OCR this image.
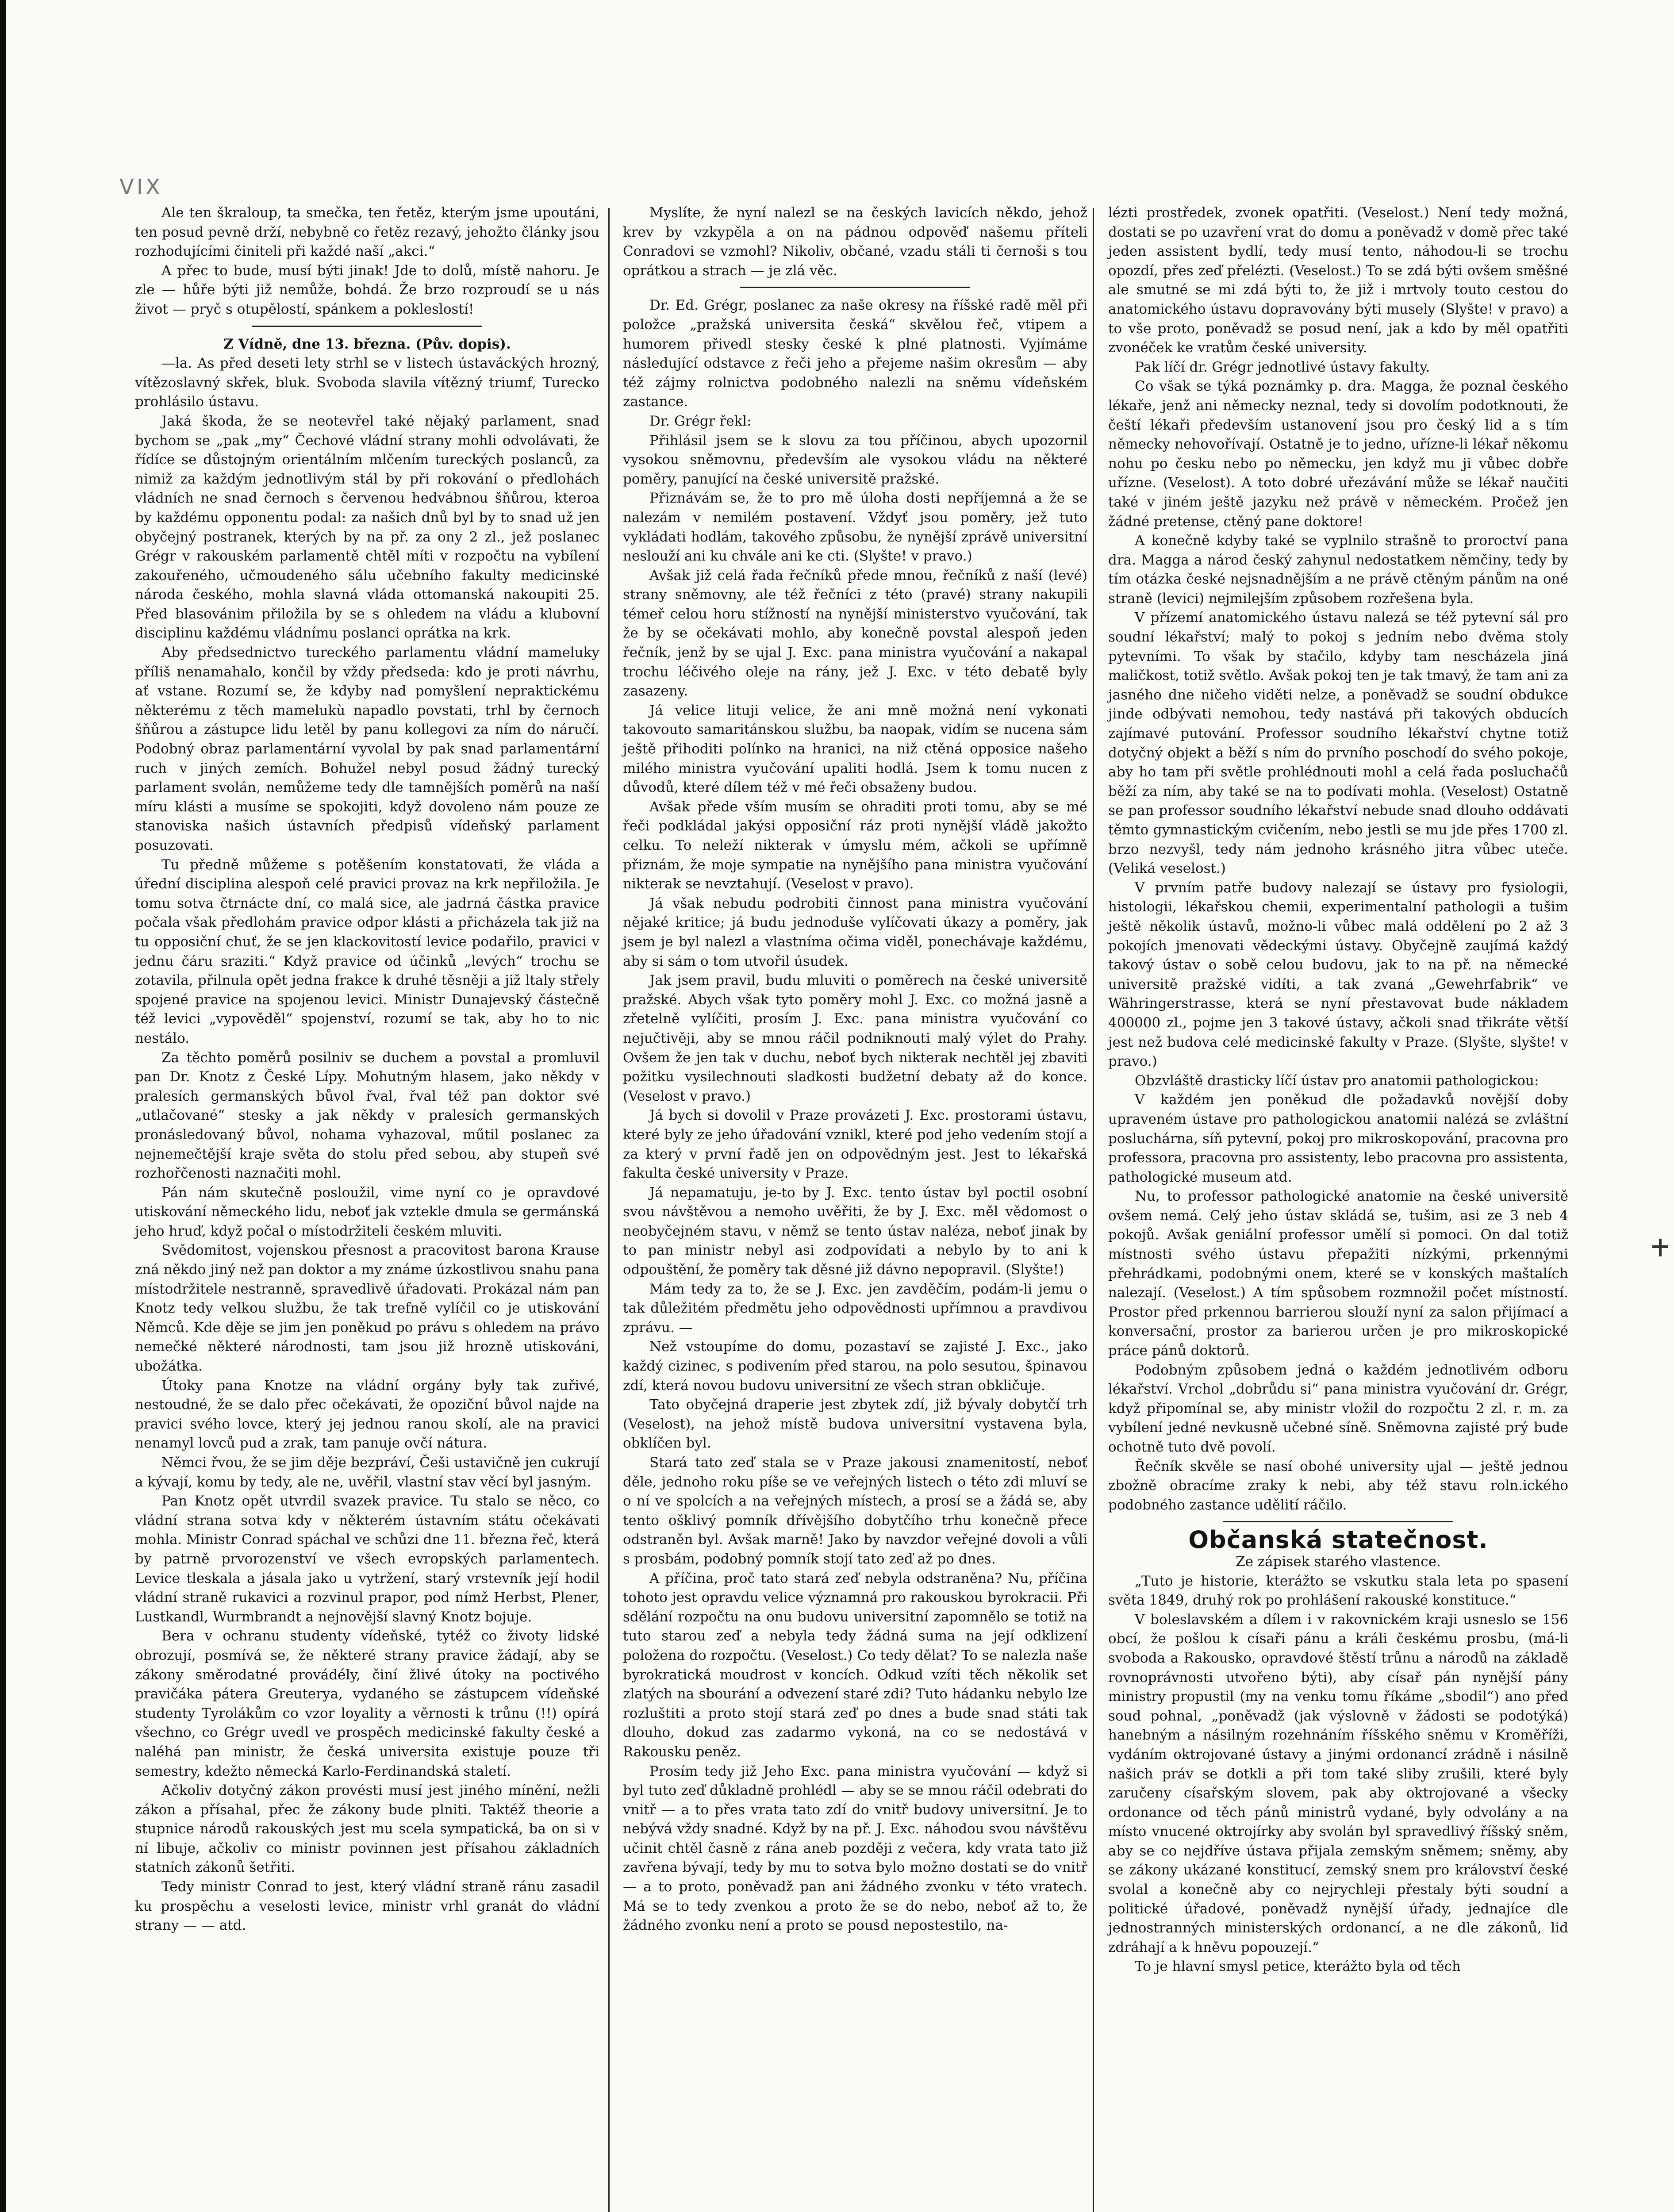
VIX

Ale ten škraloup, ta smečka, ten řetěz, kterým jsme upoutáni, ten posud pevně drží, nebybně co řetěz rezavý, jehožto články jsou rozhodujícími činiteli při každé naší „akci.“

A přec to bude, musí býti jinak! Jde to dolů, místě nahoru. Je zle — hůře býti již nemůže, bohdá. Že brzo rozproudí se u nás život — pryč s otupělostí, spánkem a pokleslostí!

Z Vídně, dne 13. března. (Pův. dopis).

—la. As před deseti lety strhl se v listech ústaváckých hrozný, vítězoslavný skřek, bluk. Svoboda slavila vítězný triumf, Turecko prohlásilo ústavu.

Jaká škoda, že se neotevřel také nějaký parlament, snad bychom se „pak „my“ Čechové vládní strany mohli odvolávati, že řídíce se důstojným orientálním mlčením tureckých poslanců, za nimiž za každým jednotlivým stál by při rokování o předlohách vládních ne snad černoch s červenou hedvábnou šňůrou, kteroa by každému opponentu podal: za našich dnů byl by to snad už jen obyčejný postranek, kterých by na př. za ony 2 zl., jež poslanec Grégr v rakouském parlamentě chtěl míti v rozpočtu na vybílení zakouřeného, učmoudeného sálu učebního fakulty medicinské národa českého, mohla slavná vláda ottomanská nakoupiti 25. Před blasovánim přiložila by se s ohledem na vládu a klubovní disciplinu každému vládnímu poslanci oprátka na krk.

Aby předsednictvo tureckého parlamentu vládní mameluky příliš nenamahalo, končil by vždy předseda: kdo je proti návrhu, ať vstane. Rozumí se, že kdyby nad pomyšlení nepraktickému některému z těch mamelukù napadlo povstati, trhl by černoch šňůrou a zástupce lidu letěl by panu kollegovi za ním do náručí. Podobný obraz parlamentární vyvolal by pak snad parlamentární ruch v jiných zemích. Bohužel nebyl posud žádný turecký parlament svolán, nemůžeme tedy dle tamnějších poměrů na naší míru klásti a musíme se spokojiti, když dovoleno nám pouze ze stanoviska našich ústavních předpisů vídeňský parlament posuzovati.

Tu předně můžeme s potěšením konstatovati, že vláda a úřední disciplina alespoň celé pravici provaz na krk nepřiložila. Je tomu sotva čtrnácte dní, co malá sice, ale jadrná částka pravice počala však předlohám pravice odpor klásti a přicházela tak již na tu opposiční chuť, že se jen klackovitostí levice podařilo, pravici v jednu čáru sraziti.“ Když pravice od účinků „levých“ trochu se zotavila, přilnula opět jedna frakce k druhé těsněji a již ltaly střely spojené pravice na spojenou levici. Ministr Dunajevský částečně též levici „vypověděl“ spojenství, rozumí se tak, aby ho to nic nestálo.

Za těchto poměrů posilniv se duchem a povstal a promluvil pan Dr. Knotz z České Lípy. Mohutným hlasem, jako někdy v pralesích germanských bůvol řval, řval též pan doktor své „utlačované“ stesky a jak někdy v pralesích germanských pronásledovaný bůvol, nohama vyhazoval, műtil poslanec za nejnemečtější kraje světa do stolu před sebou, aby stupeň své rozhořčenosti naznačiti mohl.

Pán nám skutečně posloužil, vime nyní co je opravdové utiskování německého lidu, neboť jak vztekle dmula se germánská jeho hruď, když počal o místodržiteli českém mluviti.

Svědomitost, vojenskou přesnost a pracovitost barona Krause zná někdo jiný než pan doktor a my známe úzkostlivou snahu pana místodržitele nestranně, spravedlivě úřadovati. Prokázal nám pan Knotz tedy velkou službu, že tak trefně vylíčil co je utiskování Němců. Kde děje se jim jen poněkud po právu s ohledem na právo nemečké některé národnosti, tam jsou již hrozně utiskováni, ubožátka.

Útoky pana Knotze na vládní orgány byly tak zuřivé, nestoudné, že se dalo přec očekávati, že opozičnί bůvol najde na pravici svého lovce, který jej jednou ranou skolí, ale na pravici nenamyl lovců pud a zrak, tam panuje ovčí nátura.

Němci řvou, že se jim děje bezpráví, Češi ustavičně jen cukrují a kývají, komu by tedy, ale ne, uvěřil, vlastní stav věcí byl jasným.

Pan Knotz opět utvrdil svazek pravice. Tu stalo se něco, co vládní strana sotva kdy v některém ústavním státu očekávati mohla. Ministr Conrad spáchal ve schůzi dne 11. března řeč, která by patrně prvorozenství ve všech evropských parlamentech. Levice tleskala a jásala jako u vytržení, starý vrstevník její hodil vládní straně rukavici a rozvinul prapor, pod nímž Herbst, Plener, Lustkandl, Wurmbrandt a nejnovější slavný Knotz bojuje.

Bera v ochranu studenty vídeňské, tytéž co životy lidské obrozují, posmívá se, že některé strany pravice žádají, aby se zákony směrodatné provádély, činí žlivé útoky na poctivého pravičáka pátera Greuterya, vydaného se zástupcem vídeňské studenty Tyrolákům co vzor loyality a věrnosti k trůnu (!!) opírá všechno, co Grégr uvedl ve prospěch medicinské fakulty české a naléhá pan ministr, že česká universita existuje pouze tři semestry, kdežto německá Karlo-Ferdinandská staletí.

Ačkoliv dotyčný zákon provésti musí jest jiného mínění, nežli zákon a přísahal, přec že zákony bude plniti. Taktéž theorie a stupnice národů rakouských jest mu scela sympatická, ba on si v ní libuje, ačkoliv co ministr povinnen jest přísahou základních statních zákonů šetřiti.

Tedy ministr Conrad to jest, který vládní straně ránu zasadil ku prospěchu a veselosti levice, ministr vrhl granát do vládní strany — — atd.

Myslíte, že nyní nalezl se na českých lavicích někdo, jehož krev by vzkypěla a on na pádnou odpověď našemu příteli Conradovi se vzmohl? Nikoliv, občané, vzadu stáli ti černoši s tou oprátkou a strach — je zlá věc.

Dr. Ed. Grégr, poslanec za naše okresy na říšské radě měl při položce „pražská universita česká“ skvělou řeč, vtipem a humorem přivedl stesky české k plné platnosti. Vyjímáme následující odstavce z řeči jeho a přejeme našim okresům — aby též zájmy rolnictva podobného nalezli na sněmu vídeňském zastance.

Dr. Grégr řekl:

Přihlásil jsem se k slovu za tou příčinou, abych upozornil vysokou sněmovnu, především ale vysokou vládu na některé poměry, panující na české universitě pražské.

Přiznávám se, že to pro mě úloha dosti nepříjemná a že se nalezám v nemilém postavení. Vždyť jsou poměry, jež tuto vykládati hodlám, takového způsobu, že nynější zprávě universitní neslouží ani ku chvále ani ke cti. (Slyšte! v pravo.)

Avšak již celá řada řečníků přede mnou, řečníků z naší (levé) strany sněmovny, ale též řečníci z této (pravé) strany nakupili témeř celou horu stížností na nynější ministerstvo vyučování, tak že by se očekávati mohlo, aby konečně povstal alespoň jeden řečník, jenž by se ujal J. Exc. pana ministra vyučování a nakapal trochu léčivého olejе na rány, jež J. Exc. v této debatě byly zasazeny.

Já velice lituji velice, že ani mně možná není vykonati takovouto samaritánskou službu, ba naopak, vidím se nucena sám ještě přihoditi polínko na hranici, na niž ctěná opposice našeho milého ministra vyučování upaliti hodlá. Jsem k tomu nucen z důvodů, které dílem též v mé řeči obsaženy budou.

Avšak přede vším musím se ohraditi proti tomu, aby se mé řeči podkládal jakýsi opposiční ráz proti nynější vládě jakožto celku. To neleží nikterak v úmyslu mém, ačkoli se upřímně přiznám, že moje sympatie na nynějšího pana ministra vyučování nikterak se nevztahují. (Veselost v pravo).

Já však nebudu podrobiti činnost pana ministra vyučování nějaké kritice; já budu jednoduše vylíčovati úkazy a poměry, jak jsem je byl nalezl a vlastníma očima viděl, ponechávaje každému, aby si sám o tom utvořil úsudek.

Jak jsem pravil, budu mluviti o poměrech na české universitě pražské. Abych však tyto poměry mohl J. Exc. co možná jasně a zřetelně vylíčiti, prosím J. Exc. pana ministra vyučování co nejučtivěji, aby se mnou ráčil podniknouti malý výlet do Prahy. Ovšem že jen tak v duchu, neboť bych nikterak nechtěl jej zbaviti požitku vysilechnouti sladkosti budžetní debaty až do konce. (Veselost v pravo.)

Já bych si dovolil v Praze provázeti J. Exc. prostorami ústavu, které byly ze jeho úřadování vznikl, které pod jeho vedením stojí a za který v první řadě jen on odpovědným jest. Jest to lékařská fakulta české university v Praze.

Já nepamatuju, je-to by J. Exc. tento ústav byl poctil osobní svou návštěvou a nemoho uvěřiti, že by J. Exc. měl vědomost o neobyčejném stavu, v němž se tento ústav naléza, neboť jinak by to pan ministr nebyl asi zodpovídati a nebylo by to ani k odpouštění, že poměry tak děsné již dávno nepopravil. (Slyšte!)

Mám tedy za to, že se J. Exc. jen zavděčím, podám-li jemu o tak důležitém předmětu jeho odpovědnosti upřímnou a pravdivou zprávu. —

Než vstoupíme do domu, pozastaví se zajisté J. Exc., jako každý cizinec, s podivením před starou, na polo sesutou, špinavou zdí, která novou budovu universitní ze všech stran obkličuje.

Tato obyčejná draperie jest zbytek zdí, již bývaly dobytčí trh (Veselost), na jehož místě budova universitní vystavena byla, obklíčen byl.

Stará tato zeď stala se v Praze jakousi znamenitostí, neboť děle, jednoho roku píše se ve veřejných listech o této zdi mluví se o ní ve spolcích a na veřejných místech, a prosí se a žádá se, aby tento ošklivý pomník dřívějšího dobytčího trhu konečně přece odstraněn byl. Avšak marně! Jako by navzdor veřejné dovoli a vůli s prosbám, podobný pomník stojí tato zeď až po dnes.

A příčina, proč tato stará zeď nebyla odstraněna? Nu, příčina tohoto jest opravdu velice významná pro rakouskou byrokracii. Při sdělání rozpočtu na onu budovu universitní zapomnělo se totiž na tuto starou zeď a nebyla tedy žádná suma na její odklizení položena do rozpočtu. (Veselost.) Co tedy dělat? To se nalezla naše byrokratická moudrost v koncích. Odkud vzíti těch několik set zlatých na sbourání a odvezení staré zdi? Tuto hádanku nebylo lze rozluštiti a proto stojí stará zeď po dnes a bude snad státi tak dlouho, dokud zas zadarmo vykoná, na co se nedostává v Rakousku peněz.

Prosím tedy již Jeho Exc. pana ministra vyučování — když si byl tuto zeď důkladně prohlédl — aby se se mnou ráčil odebrati do vnitř — a to přes vrata tato zdí do vnitř budovy universitní. Je to nebývá vždy snadné. Když by na př. J. Exc. náhodou svou návštěvu učinit chtěl časně z rána aneb později z večera, kdy vrata tato již zavřena bývají, tedy by mu to sotva bylo možno dostati se do vnitř — a to proto, poněvadž pan ani žádného zvonku v této vratech. Má se to tedy zvenkou a proto že se do nebo, neboť až to, že žádného zvonku není a proto se pousd nepostestilo, na-

lézti prostředek, zvonek opatřiti. (Veselost.) Není tedy možná, dostati se po uzavření vrat do domu a poněvadž v domě přec také jeden assistent bydlí, tedy musí tento, náhodou-li se trochu opozdí, přes zeď přelézti. (Veselost.) To se zdá býti ovšem směšné ale smutné se mi zdá býti to, že již i mrtvoly touto cestou do anatomického ústavu dopravovány býti musely (Slyšte! v pravo) a to vše proto, poněvadž se posud není, jak a kdo by měl opatřiti zvonéček ke vratům české university.

Pak líčí dr. Grégr jednotlivé ústavy fakulty.

Co však se týká poznámky p. dra. Magga, že poznal českého lékaře, jenž ani německy neznal, tedy si dovolím podotknouti, že čeští lékaři především ustanovení jsou pro český lid a s tím německy nehovořívají. Ostatně je to jedno, uřízne-li lékař někomu nohu po česku nebo po německu, jen když mu ji vůbec dobře uřízne. (Veselost). A toto dobré uřezávání může se lékař naučiti také v jiném ještě jazyku než právě v německém. Pročež jen žádné pretense, ctěný pane doktore!

A konečně kdyby také se vyplnilo strašně to proroctví pana dra. Magga a národ český zahynul nedostatkem němčiny, tedy by tím otázka české nejsnadnějším a ne právě ctěným pánům na oné straně (levici) nejmilejším způsobem rozřešena byla.

V přízemí anatomického ústavu nalezá se též pytevní sál pro soudní lékařství; malý to pokoj s jedním nebo dvěma stoly pytevními. To však by stačilo, kdyby tam nescházela jiná maličkost, totiž světlo. Avšak pokoj ten je tak tmavý, že tam ani za jasného dne ničeho viděti nelze, a poněvadž se soudní obdukce jinde odbývati nemohou, tedy nastává při takových obducích zajímavé putování. Professor soudního lékařství chytne totiž dotyčný objekt a běží s ním do prvního poschodí do svého pokoje, aby ho tam při světle prohlédnouti mohl a celá řada posluchačů běží za ním, aby také se na to podívati mohla. (Veselost) Ostatně se pan professor soudního lékařství nebude snad dlouho oddávati těmto gymnastickým cvičením, nebo jestli se mu jde přes 1700 zl. brzo nezvyšl, tedy nám jednoho krásného jitra vůbec uteče. (Veliká veselost.)

V prvním patře budovy nalezají se ústavy pro fysiologii, histologii, lékařskou chemii, experimentalní pathologii a tušim ještě několik ústavů, možno-li vůbec malá oddělení po 2 až 3 pokojích jmenovati vědeckými ústavy. Obyčejně zaujímá každý takový ústav o sobě celou budovu, jak to na př. na německé universitě pražské vidíti, a tak zvaná „Gewehrfabrik“ ve Währingerstrasse, která se nyní přestavovat bude nákladem 400000 zl., pojme jen 3 takové ústavy, ačkoli snad třikráte větší jest než budova celé medicinské fakulty v Praze. (Slyšte, slyšte! v pravo.)

Obzvláště drasticky líčí ústav pro anatomii pathologickou:

V každém jen poněkud dle požadavků novější doby upraveném ústave pro pathologickou anatomii nalézá se zvláštní posluchárna, síň pytevní, pokoj pro mikroskopování, pracovna pro professora, pracovna pro assistenty, lebo pracovna pro assistenta, pathologické museum atd.

Nu, to professor pathologické anatomie na české universitě ovšem nemá. Celý jeho ústav skládá se, tušim, asi ze 3 neb 4 pokojů. Avšak geniální professor umělí si pomoci. On dal totiž místnosti svého ústavu přepažiti nízkými, prkennými přehrádkami, podobnými onem, které se v konských maštalích nalezají. (Veselost.) A tím spůsobem rozmnožil počet místností. Prostor před prkennou barrierou slouží nyní za salon přijímací a konversační, prostor za barierou určen je pro mikroskopické práce pánů doktorů.

Podobným způsobem jedná o každém jednotlivém odboru lékařství. Vrchol „dobrůdu si“ pana ministra vyučování dr. Grégr, když připomínal se, aby ministr vložil do rozpočtu 2 zl. r. m. za vybílení jedné nevkusně učebné síně. Sněmovna zajisté prý bude ochotně tuto dvě povolí.

Řečník skvěle se nasí obohé university ujal — ještě jednou zbožně obracíme zraky k nebi, aby též stavu roln.ického podobného zastance udělití ráčilo.

Občanská statečnost.

Ze zápisek starého vlastence.

„Tuto je historie, kterážto se vskutku stala leta po spasení světa 1849, druhý rok po prohlášení rakouské konstituce.“

V boleslavském a dílem i v rakovnickém kraji usneslo se 156 obcí, že pošlou k císaři pánu a králi českému prosbu, (má-li svoboda a Rakousko, opravdové štěstí trůnu a národů na základě rovnoprávnosti utvořeno býti), aby císař pán nynější pány ministry propustil (my na venku tomu říkáme „sbodil“) ano před soud pohnal, „poněvadž (jak výslovně v žádosti se podotýká) hanebným a násilným rozehnáním říšského sněmu v Kroměříži, vydáním oktrojované ústavy a jinými ordonancí zrádně i násilně našich práv se dotkli a při tom také sliby zrušili, které byly zaručeny císařským slovem, pak aby oktrojované a všecky ordonance od těch pánů ministrů vydané, byly odvolány a na místo vnucené oktrojírky aby svolán byl spravedlivý říšský sněm, aby se co nejdříve ústava přijala zemským sněmem; sněmy, aby se zákony ukázané konstitucí, zemský snem pro království české svolal a konečně aby co nejrychleji přestaly býti soudní a politické úřadové, poněvadž nynější úřady, jednajíce dle jednostranných ministerských ordonancí, a ne dle zákonů, lid zdráhají a k hněvu popouzejí.“

To je hlavní smysl petice, kterážto byla od těch
